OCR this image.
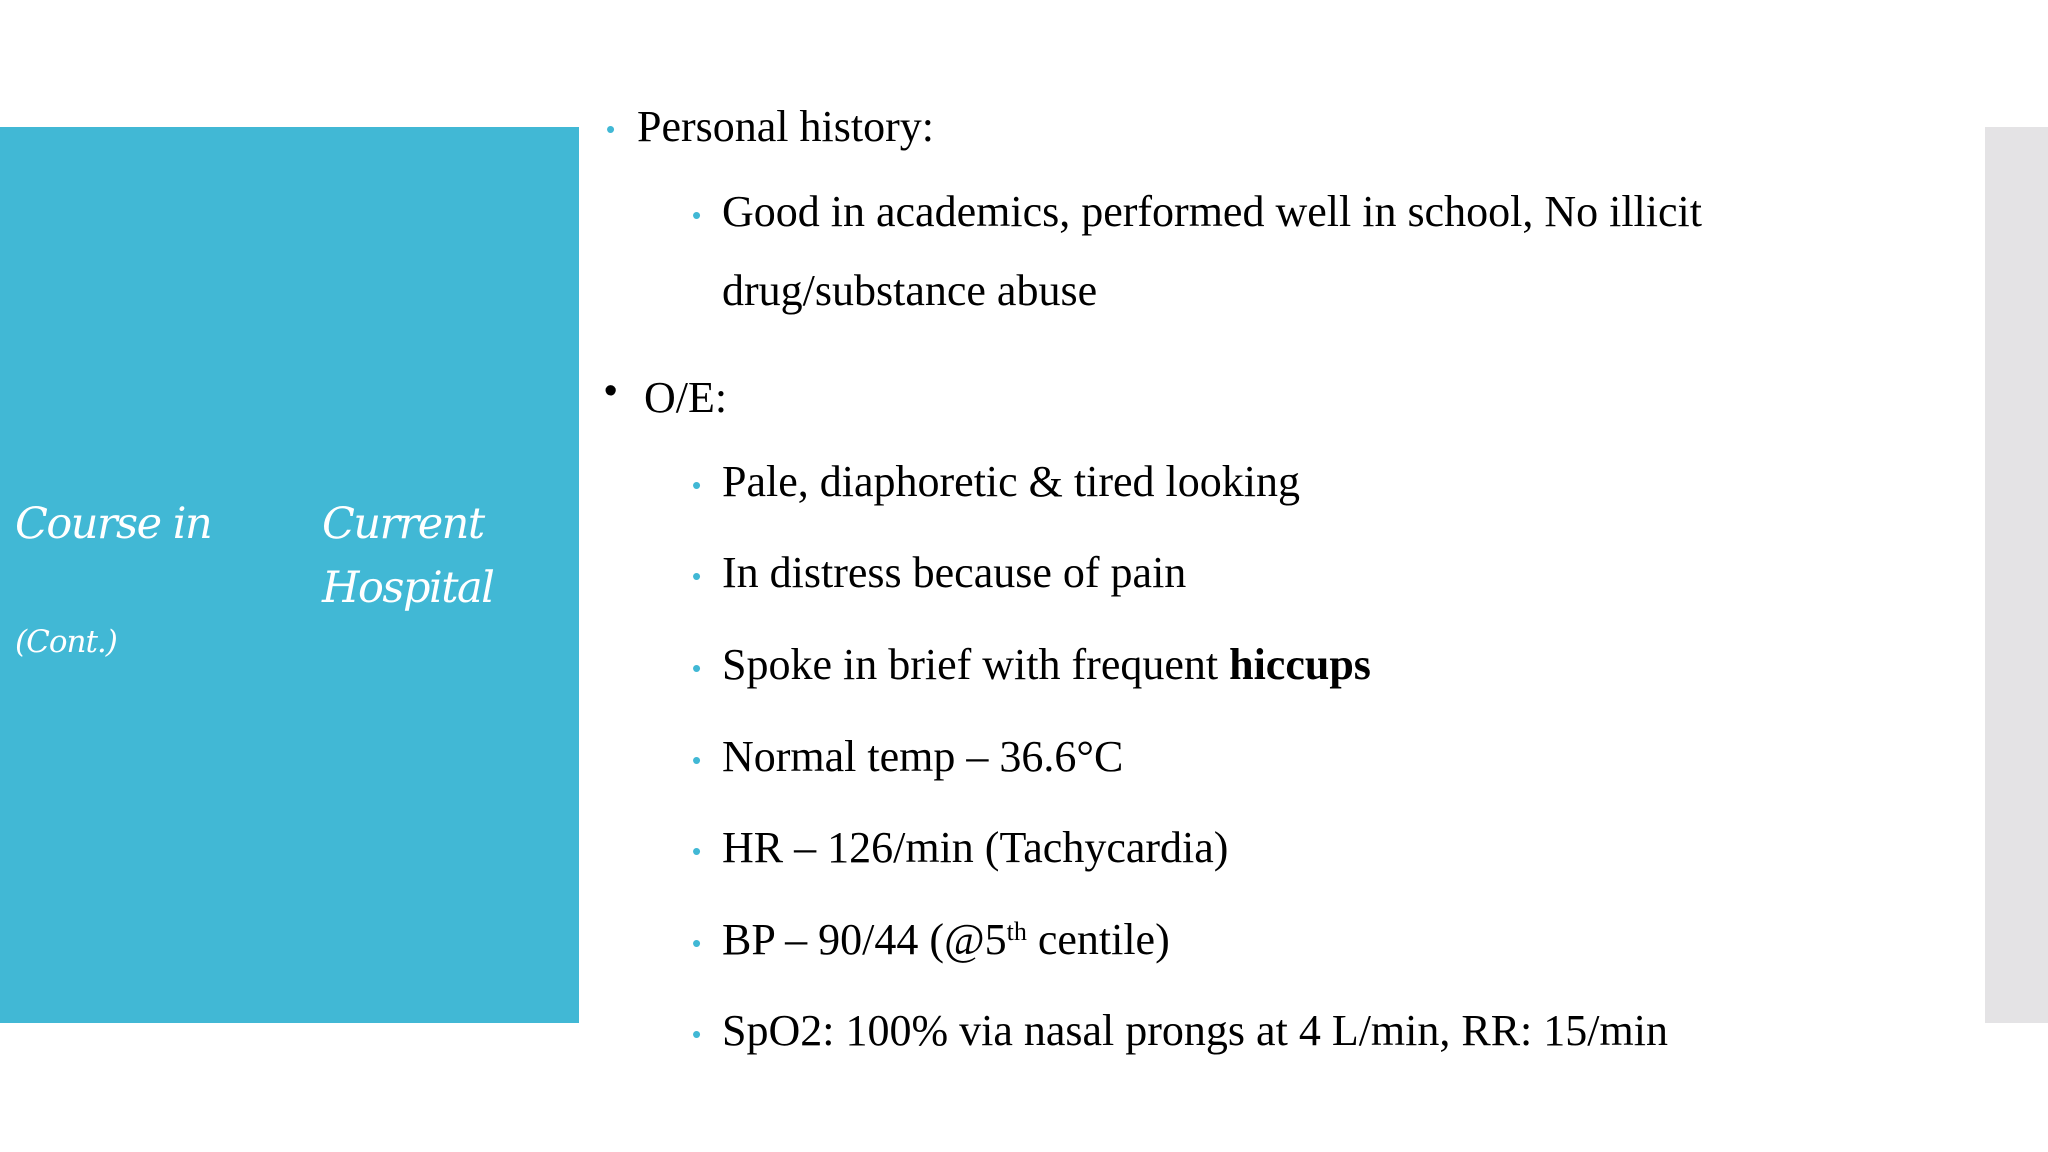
Course in	Current
Hospital
(Cont.)
• Personal history:
• Good in academics, performed well in school, No illicit
drug/substance abuse
• O/E:
• Pale, diaphoretic & tired looking
• In distress because of pain
• Spoke in brief with frequent hiccups
• Normal temp – 36.6°C
• HR – 126/min (Tachycardia)
• BP – 90/44 (@5th centile)
• SpO2: 100% via nasal prongs at 4 L/min, RR: 15/min
